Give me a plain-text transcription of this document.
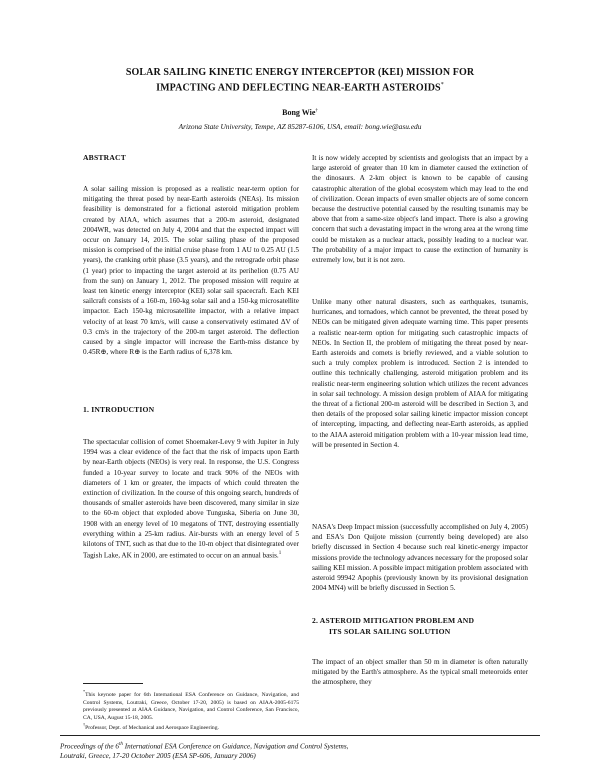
SOLAR SAILING KINETIC ENERGY INTERCEPTOR (KEI) MISSION FOR
IMPACTING AND DEFLECTING NEAR-EARTH ASTEROIDS*
Bong Wie†
Arizona State University, Tempe, AZ 85287-6106, USA, email: bong.wie@asu.edu
ABSTRACT
A solar sailing mission is proposed as a realistic near-term option for mitigating the threat posed by near-Earth asteroids (NEAs). Its mission feasibility is demonstrated for a fictional asteroid mitigation problem created by AIAA, which assumes that a 200-m asteroid, designated 2004WR, was detected on July 4, 2004 and that the expected impact will occur on January 14, 2015. The solar sailing phase of the proposed mission is comprised of the initial cruise phase from 1 AU to 0.25 AU (1.5 years), the cranking orbit phase (3.5 years), and the retrograde orbit phase (1 year) prior to impacting the target asteroid at its perihelion (0.75 AU from the sun) on January 1, 2012. The proposed mission will require at least ten kinetic energy interceptor (KEI) solar sail spacecraft. Each KEI sailcraft consists of a 160-m, 160-kg solar sail and a 150-kg microsatellite impactor. Each 150-kg microsatellite impactor, with a relative impact velocity of at least 70 km/s, will cause a conservatively estimated ΔV of 0.3 cm/s in the trajectory of the 200-m target asteroid. The deflection caused by a single impactor will increase the Earth-miss distance by 0.45R⊕, where R⊕ is the Earth radius of 6,378 km.
1. INTRODUCTION
The spectacular collision of comet Shoemaker-Levy 9 with Jupiter in July 1994 was a clear evidence of the fact that the risk of impacts upon Earth by near-Earth objects (NEOs) is very real. In response, the U.S. Congress funded a 10-year survey to locate and track 90% of the NEOs with diameters of 1 km or greater, the impacts of which could threaten the extinction of civilization. In the course of this ongoing search, hundreds of thousands of smaller asteroids have been discovered, many similar in size to the 60-m object that exploded above Tunguska, Siberia on June 30, 1908 with an energy level of 10 megatons of TNT, destroying essentially everything within a 25-km radius. Air-bursts with an energy level of 5 kilotons of TNT, such as that due to the 10-m object that disintegrated over Tagish Lake, AK in 2000, are estimated to occur on an annual basis.$^1$
*This keynote paper for 6th International ESA Conference on Guidance, Navigation, and Control Systems, Loutraki, Greece, October 17-20, 2005) is based on AIAA-2005-6175 previously presented at AIAA Guidance, Navigation, and Control Conference, San Francisco, CA, USA, August 15-18, 2005.
†Professor, Dept. of Mechanical and Aerospace Engineering.
It is now widely accepted by scientists and geologists that an impact by a large asteroid of greater than 10 km in diameter caused the extinction of the dinosaurs. A 2-km object is known to be capable of causing catastrophic alteration of the global ecosystem which may lead to the end of civilization. Ocean impacts of even smaller objects are of some concern because the destructive potential caused by the resulting tsunamis may be above that from a same-size object's land impact. There is also a growing concern that such a devastating impact in the wrong area at the wrong time could be mistaken as a nuclear attack, possibly leading to a nuclear war. The probability of a major impact to cause the extinction of humanity is extremely low, but it is not zero.
Unlike many other natural disasters, such as earthquakes, tsunamis, hurricanes, and tornadoes, which cannot be prevented, the threat posed by NEOs can be mitigated given adequate warning time. This paper presents a realistic near-term option for mitigating such catastrophic impacts of NEOs. In Section II, the problem of mitigating the threat posed by near-Earth asteroids and comets is briefly reviewed, and a viable solution to such a truly complex problem is introduced. Section 2 is intended to outline this technically challenging, asteroid mitigation problem and its realistic near-term engineering solution which utilizes the recent advances in solar sail technology. A mission design problem of AIAA for mitigating the threat of a fictional 200-m asteroid will be described in Section 3, and then details of the proposed solar sailing kinetic impactor mission concept of intercepting, impacting, and deflecting near-Earth asteroids, as applied to the AIAA asteroid mitigation problem with a 10-year mission lead time, will be presented in Section 4.
NASA's Deep Impact mission (successfully accomplished on July 4, 2005) and ESA's Don Quijote mission (currently being developed) are also briefly discussed in Section 4 because such real kinetic-energy impactor missions provide the technology advances necessary for the proposed solar sailing KEI mission. A possible impact mitigation problem associated with asteroid 99942 Apophis (previously known by its provisional designation 2004 MN4) will be briefly discussed in Section 5.
2. ASTEROID MITIGATION PROBLEM AND
ITS SOLAR SAILING SOLUTION
The impact of an object smaller than 50 m in diameter is often naturally mitigated by the Earth's atmosphere. As the typical small meteoroids enter the atmosphere, they
Proceedings of the 6th International ESA Conference on Guidance, Navigation and Control Systems,
Loutraki, Greece, 17-20 October 2005 (ESA SP-606, January 2006)
